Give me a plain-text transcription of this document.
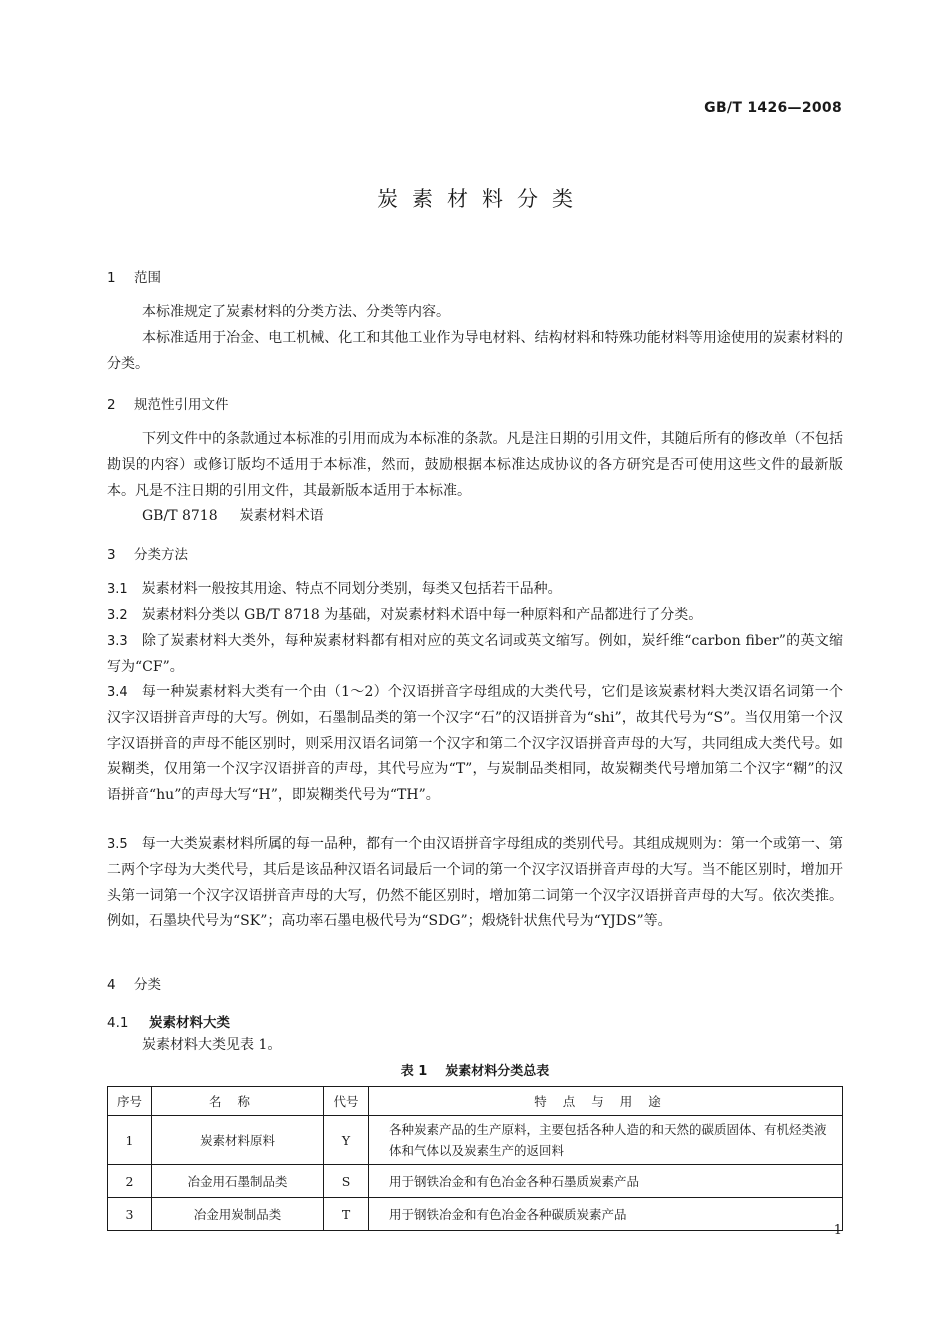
GB/T 1426—2008
炭素材料分类
1 范围
本标准规定了炭素材料的分类方法、分类等内容。
本标准适用于冶金、电工机械、化工和其他工业作为导电材料、结构材料和特殊功能材料等用途使用的炭素材料的分类。
2 规范性引用文件
下列文件中的条款通过本标准的引用而成为本标准的条款。凡是注日期的引用文件，其随后所有的修改单（不包括勘误的内容）或修订版均不适用于本标准，然而，鼓励根据本标准达成协议的各方研究是否可使用这些文件的最新版本。凡是不注日期的引用文件，其最新版本适用于本标准。
GB/T 8718 炭素材料术语
3 分类方法
3.1 炭素材料一般按其用途、特点不同划分类别，每类又包括若干品种。
3.2 炭素材料分类以 GB/T 8718 为基础，对炭素材料术语中每一种原料和产品都进行了分类。
3.3 除了炭素材料大类外，每种炭素材料都有相对应的英文名词或英文缩写。例如，炭纤维“carbon fiber”的英文缩写为“CF”。
3.4 每一种炭素材料大类有一个由（1～2）个汉语拼音字母组成的大类代号，它们是该炭素材料大类汉语名词第一个汉字汉语拼音声母的大写。例如，石墨制品类的第一个汉字“石”的汉语拼音为“shi”，故其代号为“S”。当仅用第一个汉字汉语拼音的声母不能区别时，则采用汉语名词第一个汉字和第二个汉字汉语拼音声母的大写，共同组成大类代号。如炭糊类，仅用第一个汉字汉语拼音的声母，其代号应为“T”，与炭制品类相同，故炭糊类代号增加第二个汉字“糊”的汉语拼音“hu”的声母大写“H”，即炭糊类代号为“TH”。
3.5 每一大类炭素材料所属的每一品种，都有一个由汉语拼音字母组成的类别代号。其组成规则为：第一个或第一、第二两个字母为大类代号，其后是该品种汉语名词最后一个词的第一个汉字汉语拼音声母的大写。当不能区别时，增加开头第一词第一个汉字汉语拼音声母的大写，仍然不能区别时，增加第二词第一个汉字汉语拼音声母的大写。依次类推。例如，石墨块代号为“SK”；高功率石墨电极代号为“SDG”；煅烧针状焦代号为“YJDS”等。
4 分类
4.1 炭素材料大类
炭素材料大类见表 1。
表 1 炭素材料分类总表
序号	名称	代号	特点与用途
1	炭素材料原料	Y	各种炭素产品的生产原料，主要包括各种人造的和天然的碳质固体、有机烃类液体和气体以及炭素生产的返回料
2	冶金用石墨制品类	S	用于钢铁冶金和有色冶金各种石墨质炭素产品
3	冶金用炭制品类	T	用于钢铁冶金和有色冶金各种碳质炭素产品
1
